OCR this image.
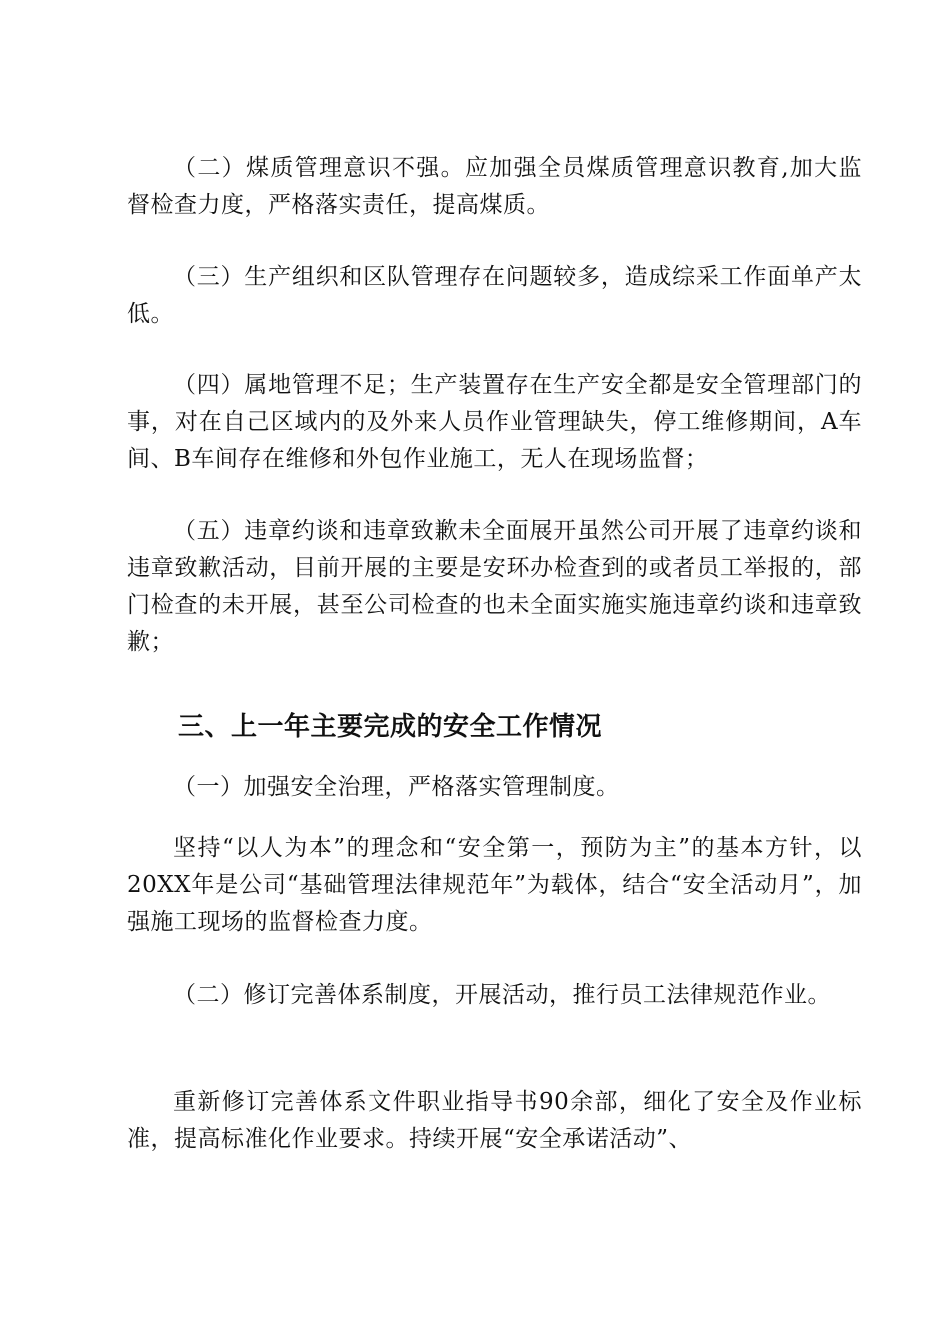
（二）煤质管理意识不强。应加强全员煤质管理意识教育,加大监督检查力度，严格落实责任，提高煤质。

（三）生产组织和区队管理存在问题较多，造成综采工作面单产太低。

（四）属地管理不足；生产装置存在生产安全都是安全管理部门的事，对在自己区域内的及外来人员作业管理缺失，停工维修期间，A车间、B车间存在维修和外包作业施工，无人在现场监督；

（五）违章约谈和违章致歉未全面展开虽然公司开展了违章约谈和违章致歉活动，目前开展的主要是安环办检查到的或者员工举报的，部门检查的未开展，甚至公司检查的也未全面实施实施违章约谈和违章致歉；

三、上一年主要完成的安全工作情况

（一）加强安全治理，严格落实管理制度。

坚持“以人为本”的理念和“安全第一，预防为主”的基本方针，以20XX年是公司“基础管理法律规范年”为载体，结合“安全活动月”，加强施工现场的监督检查力度。

（二）修订完善体系制度，开展活动，推行员工法律规范作业。

重新修订完善体系文件职业指导书90余部，细化了安全及作业标准，提高标准化作业要求。持续开展“安全承诺活动”、
